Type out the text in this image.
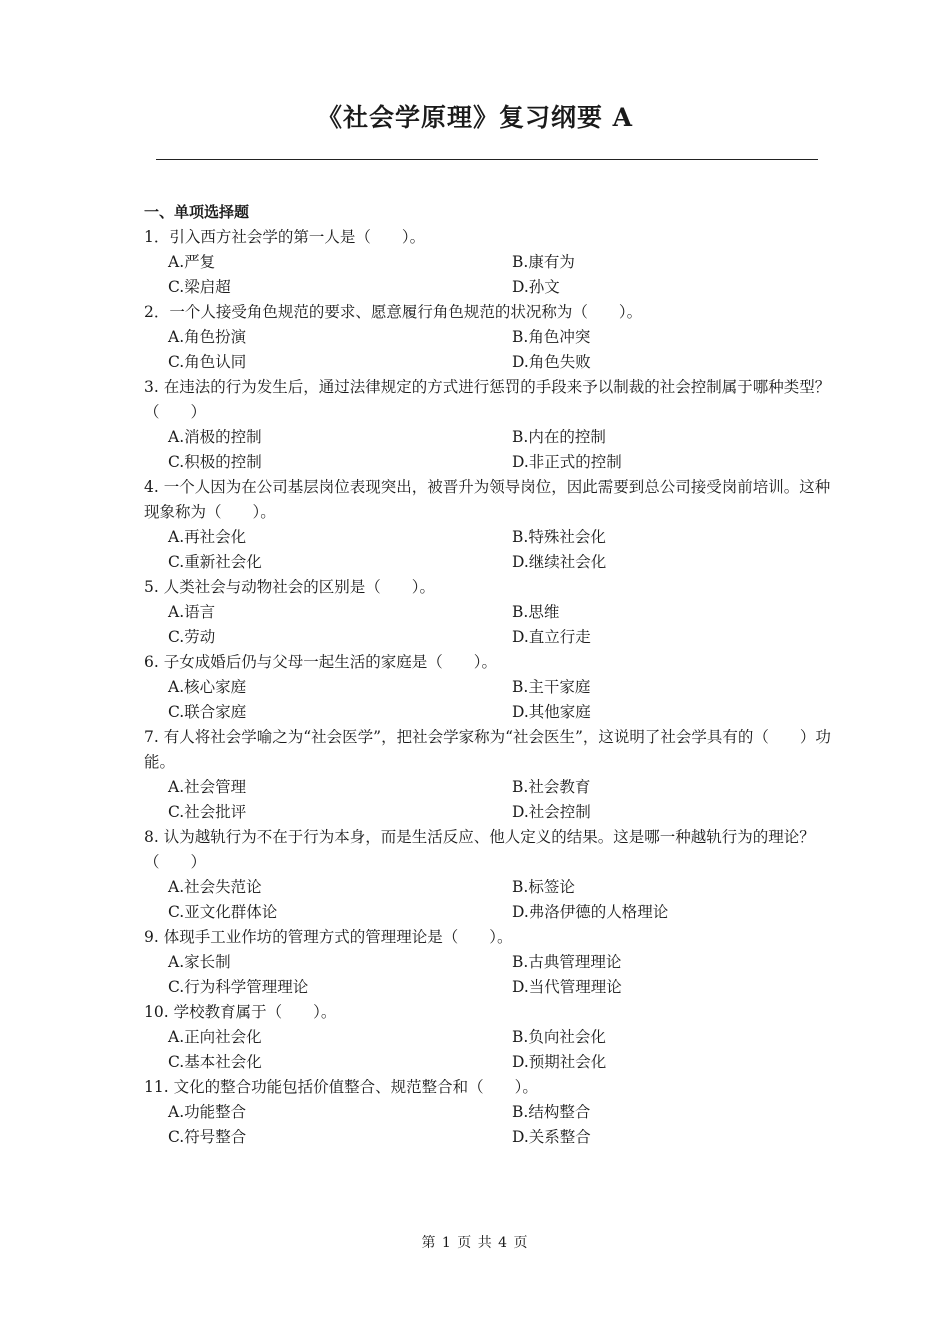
《社会学原理》复习纲要 A
一、单项选择题
1．引入西方社会学的第一人是（　　）。
A.严复	B.康有为
C.梁启超	D.孙文
2．一个人接受角色规范的要求、愿意履行角色规范的状况称为（　　）。
A.角色扮演	B.角色冲突
C.角色认同	D.角色失败
3. 在违法的行为发生后，通过法律规定的方式进行惩罚的手段来予以制裁的社会控制属于哪种类型？（　　）
A.消极的控制	B.内在的控制
C.积极的控制	D.非正式的控制
4. 一个人因为在公司基层岗位表现突出，被晋升为领导岗位，因此需要到总公司接受岗前培训。这种现象称为（　　）。
A.再社会化	B.特殊社会化
C.重新社会化	D.继续社会化
5. 人类社会与动物社会的区别是（　　）。
A.语言	B.思维
C.劳动	D.直立行走
6. 子女成婚后仍与父母一起生活的家庭是（　　）。
A.核心家庭	B.主干家庭
C.联合家庭	D.其他家庭
7. 有人将社会学喻之为“社会医学”，把社会学家称为“社会医生”，这说明了社会学具有的（　　）功能。
A.社会管理	B.社会教育
C.社会批评	D.社会控制
8. 认为越轨行为不在于行为本身，而是生活反应、他人定义的结果。这是哪一种越轨行为的理论？（　　）
A.社会失范论	B.标签论
C.亚文化群体论	D.弗洛伊德的人格理论
9. 体现手工业作坊的管理方式的管理理论是（　　）。
A.家长制	B.古典管理理论
C.行为科学管理理论	D.当代管理理论
10. 学校教育属于（　　）。
A.正向社会化	B.负向社会化
C.基本社会化	D.预期社会化
11. 文化的整合功能包括价值整合、规范整合和（　　）。
A.功能整合	B.结构整合
C.符号整合	D.关系整合
第 1 页 共 4 页
